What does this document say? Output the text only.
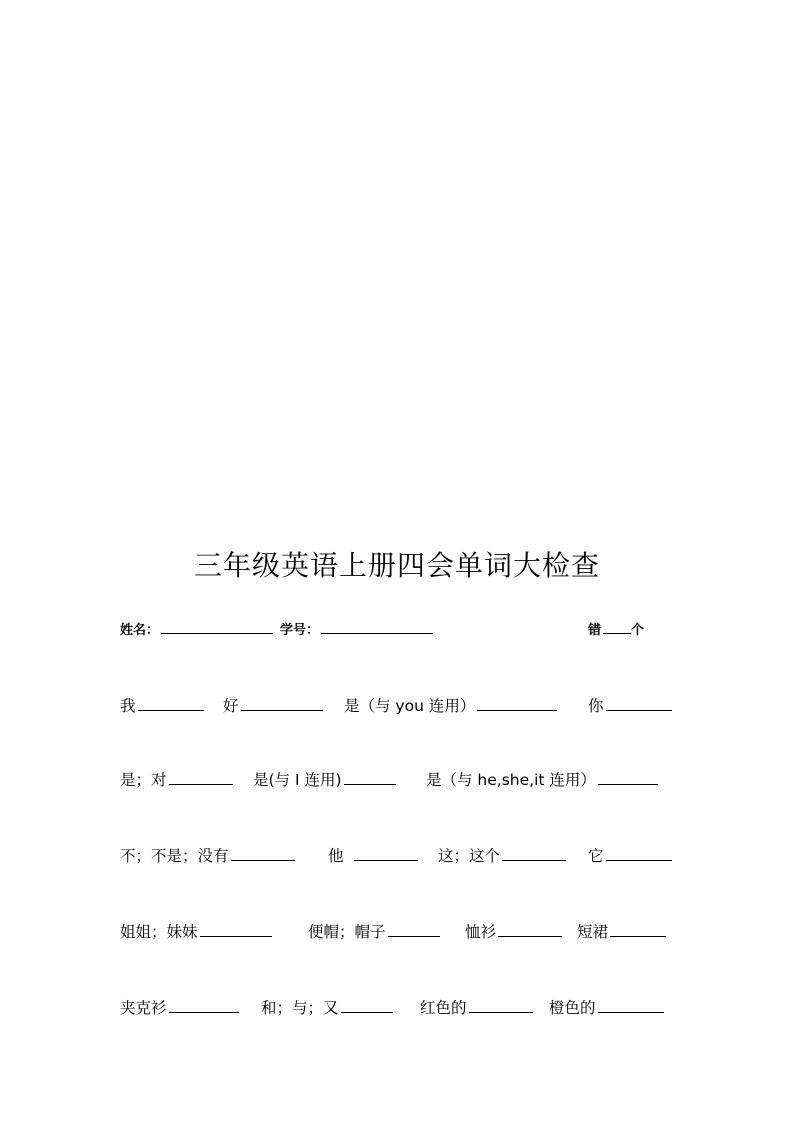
三年级英语上册四会单词大检查
姓名：	学号：	错 个
我	好	是（与 you 连用）	你
是；对	是(与 I 连用)	是（与 he,she,it 连用）
不；不是；没有	他	这；这个	它
姐姐；妹妹	便帽；帽子	恤衫	短裙
夹克衫	和；与；又	红色的	橙色的
